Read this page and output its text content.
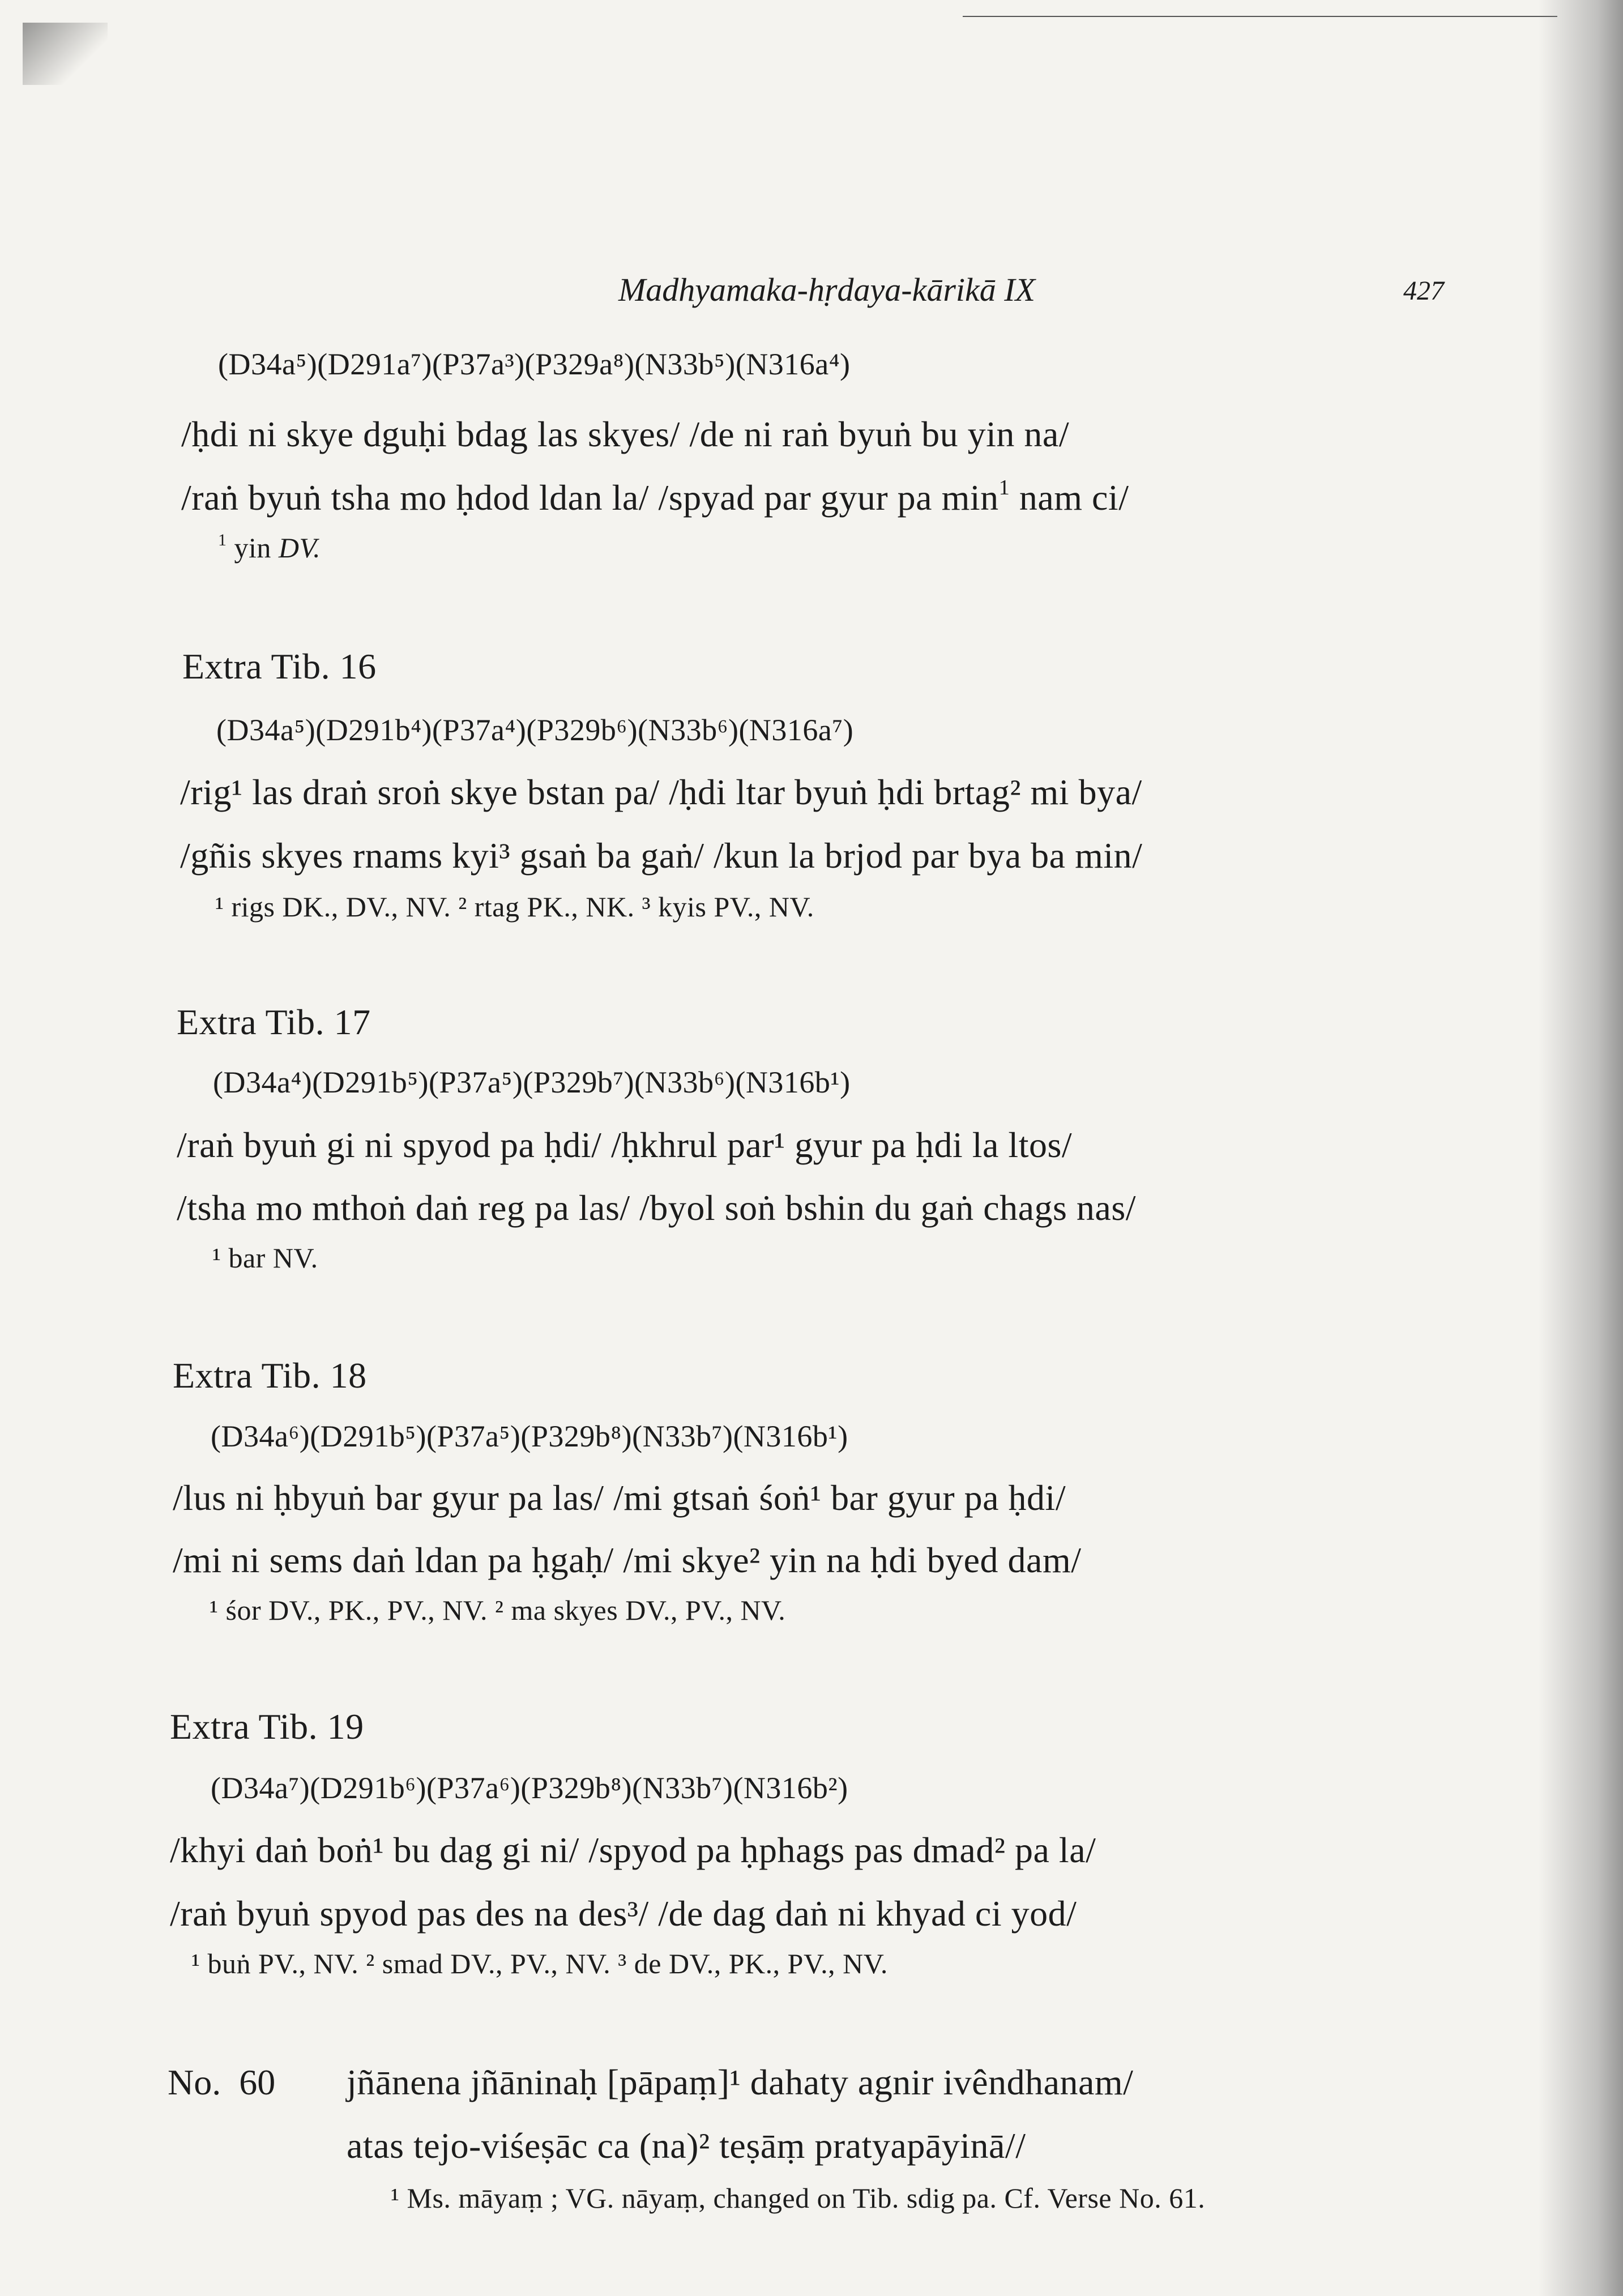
Madhyamaka-hṛdaya-kārikā IX	427
(D34a⁵)(D291a⁷)(P37a³)(P329a⁸)(N33b⁵)(N316a⁴)
/ḥdi ni skye dguḥi bdag las skyes/ /de ni raṅ byuṅ bu yin na/
/raṅ byuṅ tsha mo ḥdod ldan la/ /spyad par gyur pa $\min^1$ nam ci/
$^1$ yin DV.
Extra Tib. 16
(D34a⁵)(D291b⁴)(P37a⁴)(P329b⁶)(N33b⁶)(N316a⁷)
/rig¹ las draṅ sroṅ skye bstan pa/ /ḥdi ltar byuṅ ḥdi brtag² mi bya/
/gñis skyes rnams kyi³ gsaṅ ba gaṅ/ /kun la brjod par bya ba min/
¹ rigs DK., DV., NV. ² rtag PK., NK. ³ kyis PV., NV.
Extra Tib. 17
(D34a⁴)(D291b⁵)(P37a⁵)(P329b⁷)(N33b⁶)(N316b¹)
/raṅ byuṅ gi ni spyod pa ḥdi/ /ḥkhrul par¹ gyur pa ḥdi la ltos/
/tsha mo mthoṅ daṅ reg pa las/ /byol soṅ bshin du gaṅ chags nas/
¹ bar NV.
Extra Tib. 18
(D34a⁶)(D291b⁵)(P37a⁵)(P329b⁸)(N33b⁷)(N316b¹)
/lus ni ḥbyuṅ bar gyur pa las/ /mi gtsaṅ śoṅ¹ bar gyur pa ḥdi/
/mi ni sems daṅ ldan pa ḥgaḥ/ /mi skye² yin na ḥdi byed dam/
¹ śor DV., PK., PV., NV. ² ma skyes DV., PV., NV.
Extra Tib. 19
(D34a⁷)(D291b⁶)(P37a⁶)(P329b⁸)(N33b⁷)(N316b²)
/khyi daṅ boṅ¹ bu dag gi ni/ /spyod pa ḥphags pas dmad² pa la/
/raṅ byuṅ spyod pas des na des³/ /de dag daṅ ni khyad ci yod/
¹ buṅ PV., NV. ² smad DV., PV., NV. ³ de DV., PK., PV., NV.
No.  60 jñānena jñāninaḥ [pāpaṃ]¹ dahaty agnir ivêndhanam/
atas tejo-viśeṣāc ca (na)² teṣāṃ pratyapāyinā//
¹ Ms. māyaṃ ; VG. nāyaṃ, changed on Tib. sdig pa. Cf. Verse No. 61.
